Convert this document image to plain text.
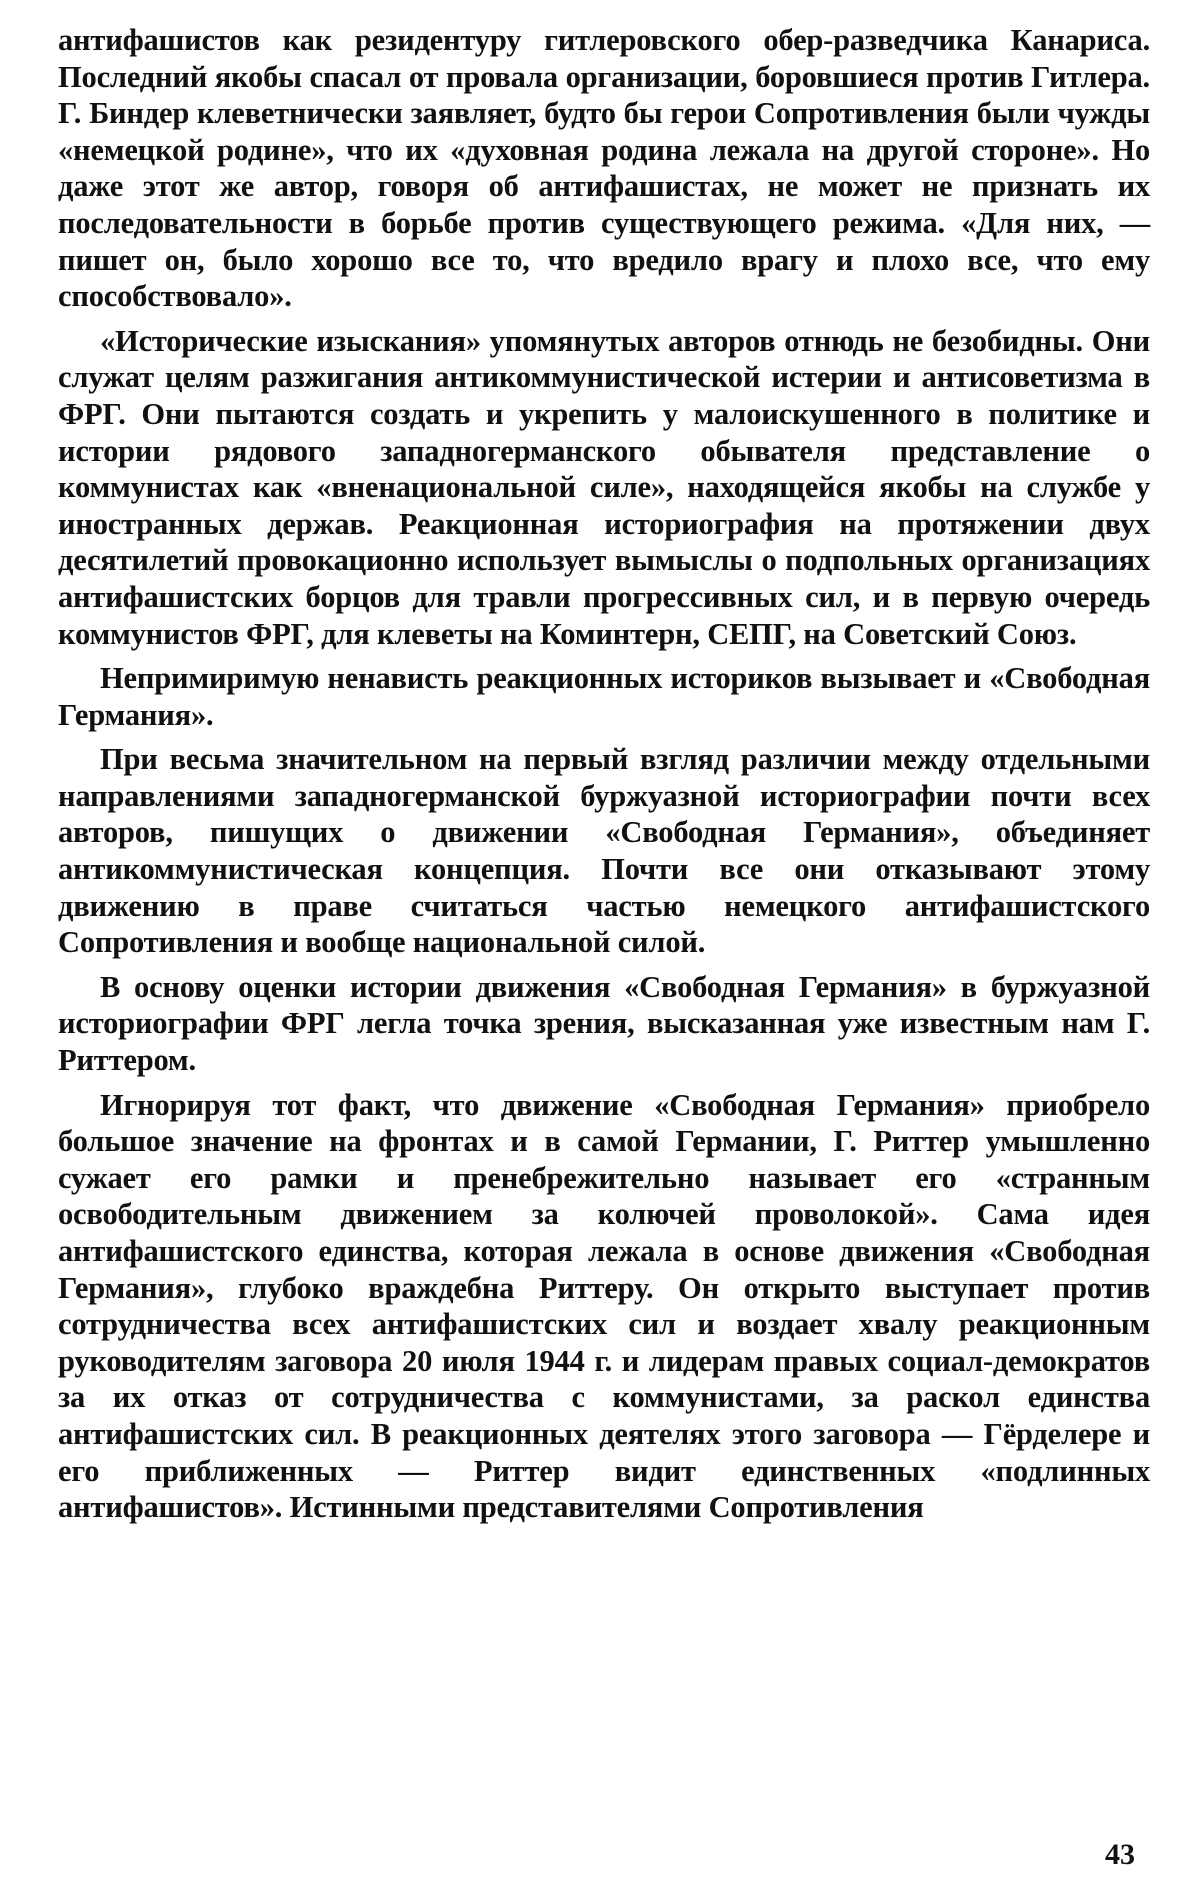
антифашистов как резидентуру гитлеровского обер-разведчика Канариса. Последний якобы спасал от провала организации, боровшиеся против Гитлера. Г. Биндер клеветнически заявляет, будто бы герои Сопротивления были чужды «немецкой родине», что их «духовная родина лежала на другой стороне». Но даже этот же автор, говоря об антифашистах, не может не признать их последовательности в борьбе против существующего режима. «Для них, — пишет он, было хорошо все то, что вредило врагу и плохо все, что ему способствовало».

«Исторические изыскания» упомянутых авторов отнюдь не безобидны. Они служат целям разжигания антикоммунистической истерии и антисоветизма в ФРГ. Они пытаются создать и укрепить у малоискушенного в политике и истории рядового западногерманского обывателя представление о коммунистах как «вненациональной силе», находящейся якобы на службе у иностранных держав. Реакционная историография на протяжении двух десятилетий провокационно использует вымыслы о подпольных организациях антифашистских борцов для травли прогрессивных сил, и в первую очередь коммунистов ФРГ, для клеветы на Коминтерн, СЕПГ, на Советский Союз.

Непримиримую ненависть реакционных историков вызывает и «Свободная Германия».

При весьма значительном на первый взгляд различии между отдельными направлениями западногерманской буржуазной историографии почти всех авторов, пишущих о движении «Свободная Германия», объединяет антикоммунистическая концепция. Почти все они отказывают этому движению в праве считаться частью немецкого антифашистского Сопротивления и вообще национальной силой.

В основу оценки истории движения «Свободная Германия» в буржуазной историографии ФРГ легла точка зрения, высказанная уже известным нам Г. Риттером.

Игнорируя тот факт, что движение «Свободная Германия» приобрело большое значение на фронтах и в самой Германии, Г. Риттер умышленно сужает его рамки и пренебрежительно называет его «странным освободительным движением за колючей проволокой». Сама идея антифашистского единства, которая лежала в основе движения «Свободная Германия», глубоко враждебна Риттеру. Он открыто выступает против сотрудничества всех антифашистских сил и воздает хвалу реакционным руководителям заговора 20 июля 1944 г. и лидерам правых социал-демократов за их отказ от сотрудничества с коммунистами, за раскол единства антифашистских сил. В реакционных деятелях этого заговора — Гёрделере и его приближенных — Риттер видит единственных «подлинных антифашистов». Истинными представителями Сопротивления

43
